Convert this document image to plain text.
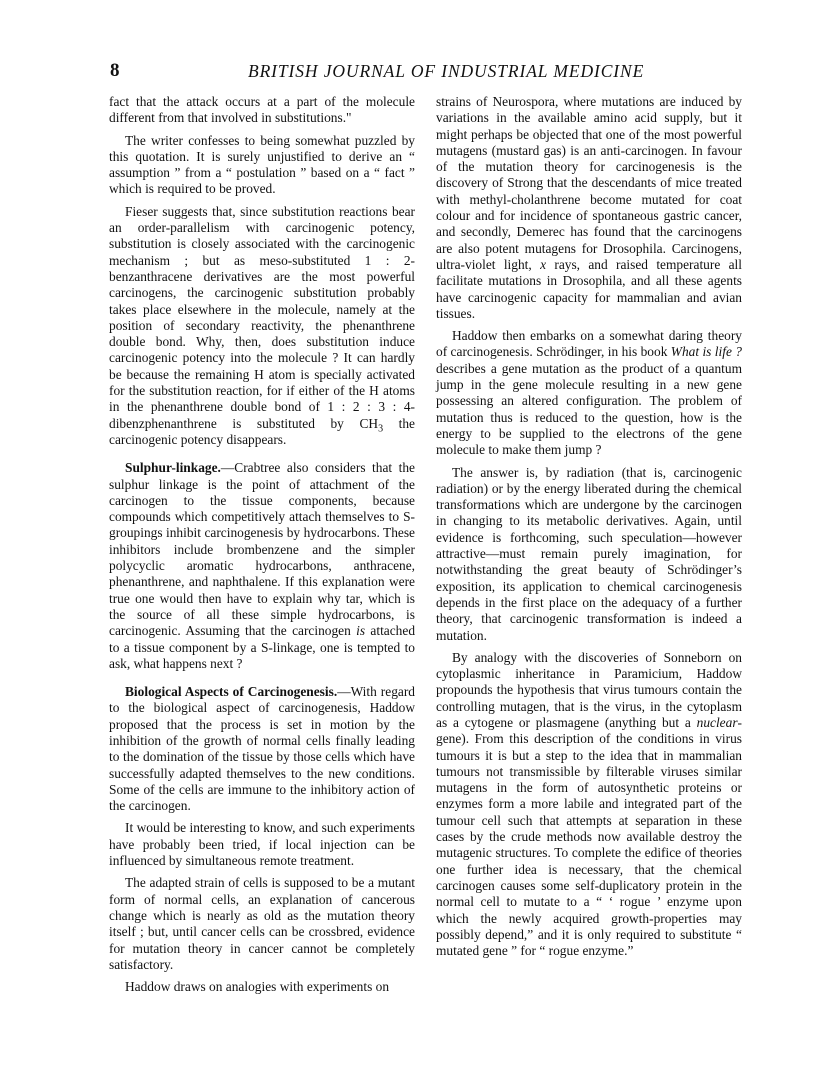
8	BRITISH JOURNAL OF INDUSTRIAL MEDICINE

fact that the attack occurs at a part of the molecule different from that involved in substitutions."

The writer confesses to being somewhat puzzled by this quotation. It is surely unjustified to derive an “ assumption ” from a “ postulation ” based on a “ fact ” which is required to be proved.

Fieser suggests that, since substitution reactions bear an order-parallelism with carcinogenic potency, substitution is closely associated with the carcinogenic mechanism ; but as meso-substituted 1 : 2-benzanthracene derivatives are the most powerful carcinogens, the carcinogenic substitution probably takes place elsewhere in the molecule, namely at the position of secondary reactivity, the phenanthrene double bond. Why, then, does substitution induce carcinogenic potency into the molecule ? It can hardly be because the remaining H atom is specially activated for the substitution reaction, for if either of the H atoms in the phenanthrene double bond of 1 : 2 : 3 : 4-dibenzphenanthrene is substituted by $CH_3$ the carcinogenic potency disappears.

Sulphur-linkage.—Crabtree also considers that the sulphur linkage is the point of attachment of the carcinogen to the tissue components, because compounds which competitively attach themselves to S-groupings inhibit carcinogenesis by hydrocarbons. These inhibitors include brombenzene and the simpler polycyclic aromatic hydrocarbons, anthracene, phenanthrene, and naphthalene. If this explanation were true one would then have to explain why tar, which is the source of all these simple hydrocarbons, is carcinogenic. Assuming that the carcinogen is attached to a tissue component by a S-linkage, one is tempted to ask, what happens next ?

Biological Aspects of Carcinogenesis.—With regard to the biological aspect of carcinogenesis, Haddow proposed that the process is set in motion by the inhibition of the growth of normal cells finally leading to the domination of the tissue by those cells which have successfully adapted themselves to the new conditions. Some of the cells are immune to the inhibitory action of the carcinogen.

It would be interesting to know, and such experiments have probably been tried, if local injection can be influenced by simultaneous remote treatment.

The adapted strain of cells is supposed to be a mutant form of normal cells, an explanation of cancerous change which is nearly as old as the mutation theory itself ; but, until cancer cells can be crossbred, evidence for mutation theory in cancer cannot be completely satisfactory.

Haddow draws on analogies with experiments on

strains of Neurospora, where mutations are induced by variations in the available amino acid supply, but it might perhaps be objected that one of the most powerful mutagens (mustard gas) is an anti-carcinogen. In favour of the mutation theory for carcinogenesis is the discovery of Strong that the descendants of mice treated with methyl-cholanthrene become mutated for coat colour and for incidence of spontaneous gastric cancer, and secondly, Demerec has found that the carcinogens are also potent mutagens for Drosophila. Carcinogens, ultra-violet light, x rays, and raised temperature all facilitate mutations in Drosophila, and all these agents have carcinogenic capacity for mammalian and avian tissues.

Haddow then embarks on a somewhat daring theory of carcinogenesis. Schrödinger, in his book What is life ? describes a gene mutation as the product of a quantum jump in the gene molecule resulting in a new gene possessing an altered configuration. The problem of mutation thus is reduced to the question, how is the energy to be supplied to the electrons of the gene molecule to make them jump ?

The answer is, by radiation (that is, carcinogenic radiation) or by the energy liberated during the chemical transformations which are undergone by the carcinogen in changing to its metabolic derivatives. Again, until evidence is forthcoming, such speculation—however attractive—must remain purely imagination, for notwithstanding the great beauty of Schrödinger’s exposition, its application to chemical carcinogenesis depends in the first place on the adequacy of a further theory, that carcinogenic transformation is indeed a mutation.

By analogy with the discoveries of Sonneborn on cytoplasmic inheritance in Paramicium, Haddow propounds the hypothesis that virus tumours contain the controlling mutagen, that is the virus, in the cytoplasm as a cytogene or plasmagene (anything but a nuclear-gene). From this description of the conditions in virus tumours it is but a step to the idea that in mammalian tumours not transmissible by filterable viruses similar mutagens in the form of autosynthetic proteins or enzymes form a more labile and integrated part of the tumour cell such that attempts at separation in these cases by the crude methods now available destroy the mutagenic structures. To complete the edifice of theories one further idea is necessary, that the chemical carcinogen causes some self-duplicatory protein in the normal cell to mutate to a “ ‘ rogue ’ enzyme upon which the newly acquired growth-properties may possibly depend,” and it is only required to substitute “ mutated gene ” for “ rogue enzyme.”
